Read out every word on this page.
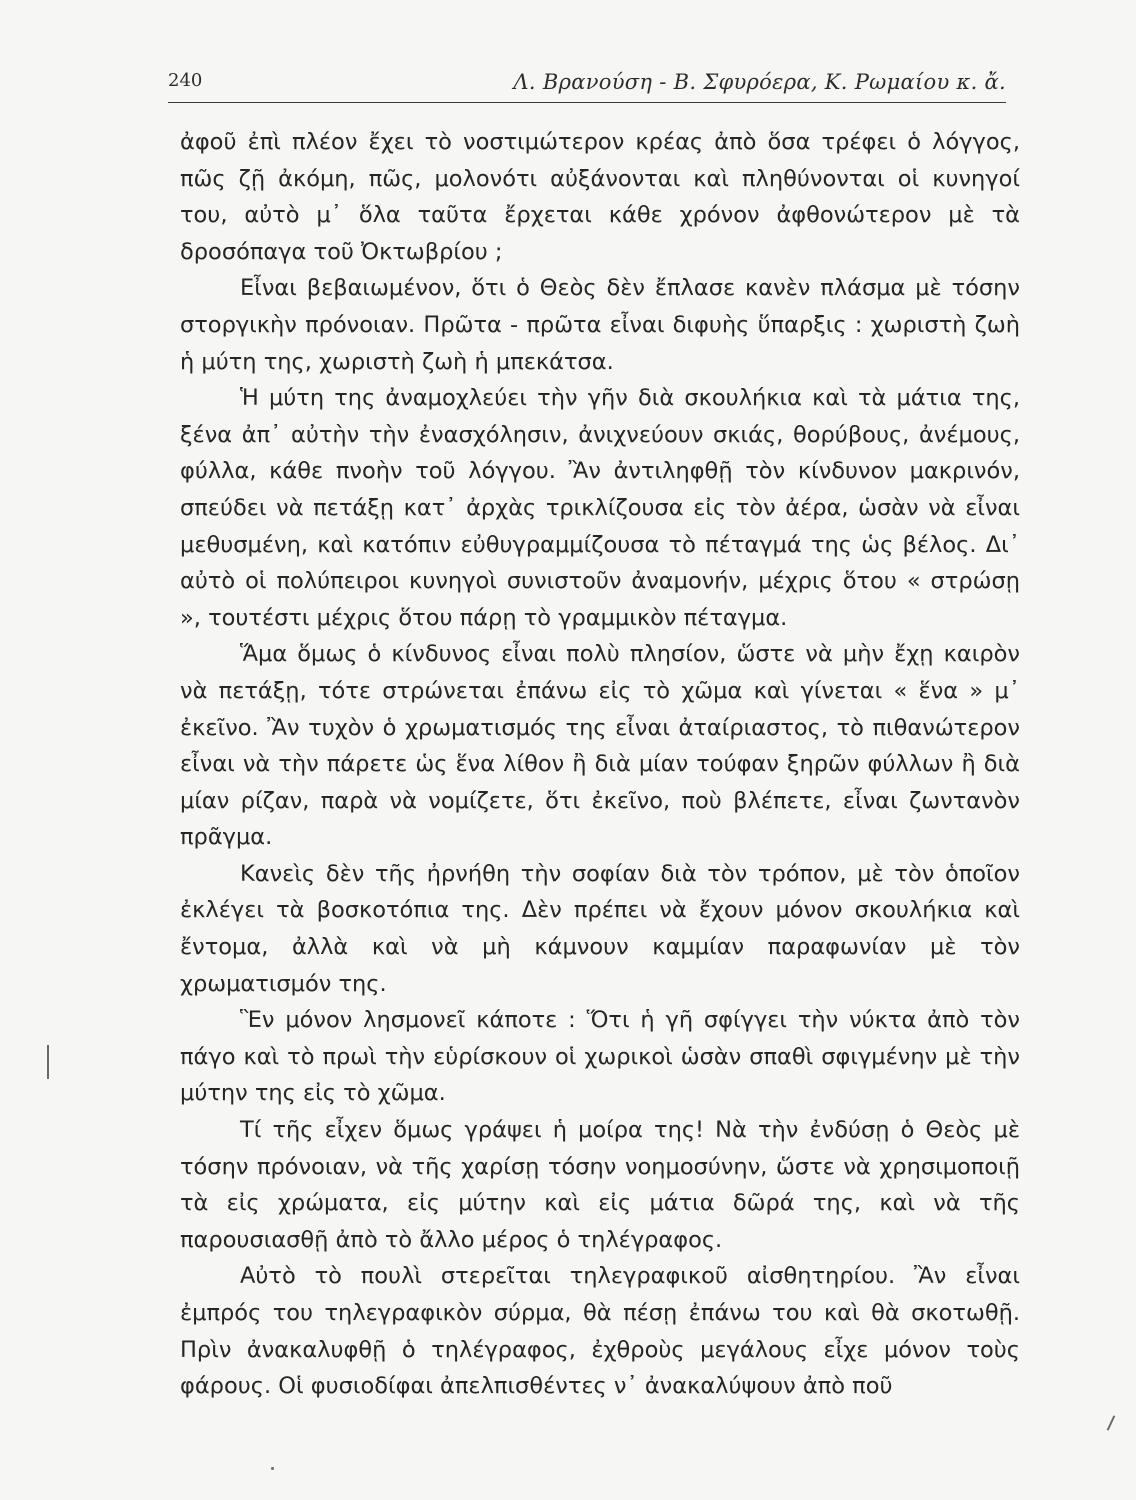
240	Λ. Βρανούση - Β. Σφυρόερα, Κ. Ρωμαίου κ. ἄ.

ἀφοῦ ἐπὶ πλέον ἔχει τὸ νοστιμώτερον κρέας ἀπὸ ὅσα τρέφει ὁ λόγγος, πῶς ζῇ ἀκόμη, πῶς, μολονότι αὐξάνονται καὶ πληθύνονται οἱ κυνηγοί του, αὐτὸ μ᾽ ὅλα ταῦτα ἔρχεται κάθε χρόνον ἀφθονώτερον μὲ τὰ δροσόπαγα τοῦ Ὀκτωβρίου ;

Εἶναι βεβαιωμένον, ὅτι ὁ Θεὸς δὲν ἔπλασε κανὲν πλάσμα μὲ τόσην στοργικὴν πρόνοιαν. Πρῶτα - πρῶτα εἶναι διφυὴς ὕπαρξις : χωριστὴ ζωὴ ἡ μύτη της, χωριστὴ ζωὴ ἡ μπεκάτσα.

Ἡ μύτη της ἀναμοχλεύει τὴν γῆν διὰ σκουλήκια καὶ τὰ μάτια της, ξένα ἀπ᾽ αὐτὴν τὴν ἐνασχόλησιν, ἀνιχνεύουν σκιάς, θορύβους, ἀνέμους, φύλλα, κάθε πνοὴν τοῦ λόγγου. Ἂν ἀντιληφθῇ τὸν κίνδυνον μακρινόν, σπεύδει νὰ πετάξῃ κατ᾽ ἀρχὰς τρικλίζουσα εἰς τὸν ἀέρα, ὡσὰν νὰ εἶναι μεθυσμένη, καὶ κατόπιν εὐθυγραμμίζουσα τὸ πέταγμά της ὡς βέλος. Δι᾽ αὐτὸ οἱ πολύπειροι κυνηγοὶ συνιστοῦν ἀναμονήν, μέχρις ὅτου « στρώσῃ », τουτέστι μέχρις ὅτου πάρῃ τὸ γραμμικὸν πέταγμα.

Ἅμα ὅμως ὁ κίνδυνος εἶναι πολὺ πλησίον, ὥστε νὰ μὴν ἔχῃ καιρὸν νὰ πετάξῃ, τότε στρώνεται ἐπάνω εἰς τὸ χῶμα καὶ γίνεται « ἕνα » μ᾽ ἐκεῖνο. Ἂν τυχὸν ὁ χρωματισμός της εἶναι ἀταίριαστος, τὸ πιθανώτερον εἶναι νὰ τὴν πάρετε ὡς ἕνα λίθον ἢ διὰ μίαν τούφαν ξηρῶν φύλλων ἢ διὰ μίαν ρίζαν, παρὰ νὰ νομίζετε, ὅτι ἐκεῖνο, ποὺ βλέπετε, εἶναι ζωντανὸν πρᾶγμα.

Κανεὶς δὲν τῆς ἠρνήθη τὴν σοφίαν διὰ τὸν τρόπον, μὲ τὸν ὁποῖον ἐκλέγει τὰ βοσκοτόπια της. Δὲν πρέπει νὰ ἔχουν μόνον σκουλήκια καὶ ἔντομα, ἀλλὰ καὶ νὰ μὴ κάμνουν καμμίαν παραφωνίαν μὲ τὸν χρωματισμόν της.

Ἓν μόνον λησμονεῖ κάποτε : Ὅτι ἡ γῆ σφίγγει τὴν νύκτα ἀπὸ τὸν πάγο καὶ τὸ πρωὶ τὴν εὑρίσκουν οἱ χωρικοὶ ὡσὰν σπαθὶ σφιγμένην μὲ τὴν μύτην της εἰς τὸ χῶμα.

Τί τῆς εἶχεν ὅμως γράψει ἡ μοίρα της! Νὰ τὴν ἐνδύσῃ ὁ Θεὸς μὲ τόσην πρόνοιαν, νὰ τῆς χαρίσῃ τόσην νοημοσύνην, ὥστε νὰ χρησιμοποιῇ τὰ εἰς χρώματα, εἰς μύτην καὶ εἰς μάτια δῶρά της, καὶ νὰ τῆς παρουσιασθῇ ἀπὸ τὸ ἄλλο μέρος ὁ τηλέγραφος.

Αὐτὸ τὸ πουλὶ στερεῖται τηλεγραφικοῦ αἰσθητηρίου. Ἂν εἶναι ἐμπρός του τηλεγραφικὸν σύρμα, θὰ πέσῃ ἐπάνω του καὶ θὰ σκοτωθῇ. Πρὶν ἀνακαλυφθῇ ὁ τηλέγραφος, ἐχθροὺς μεγάλους εἶχε μόνον τοὺς φάρους. Οἱ φυσιοδίφαι ἀπελπισθέντες ν᾽ ἀνακαλύψουν ἀπὸ ποῦ
